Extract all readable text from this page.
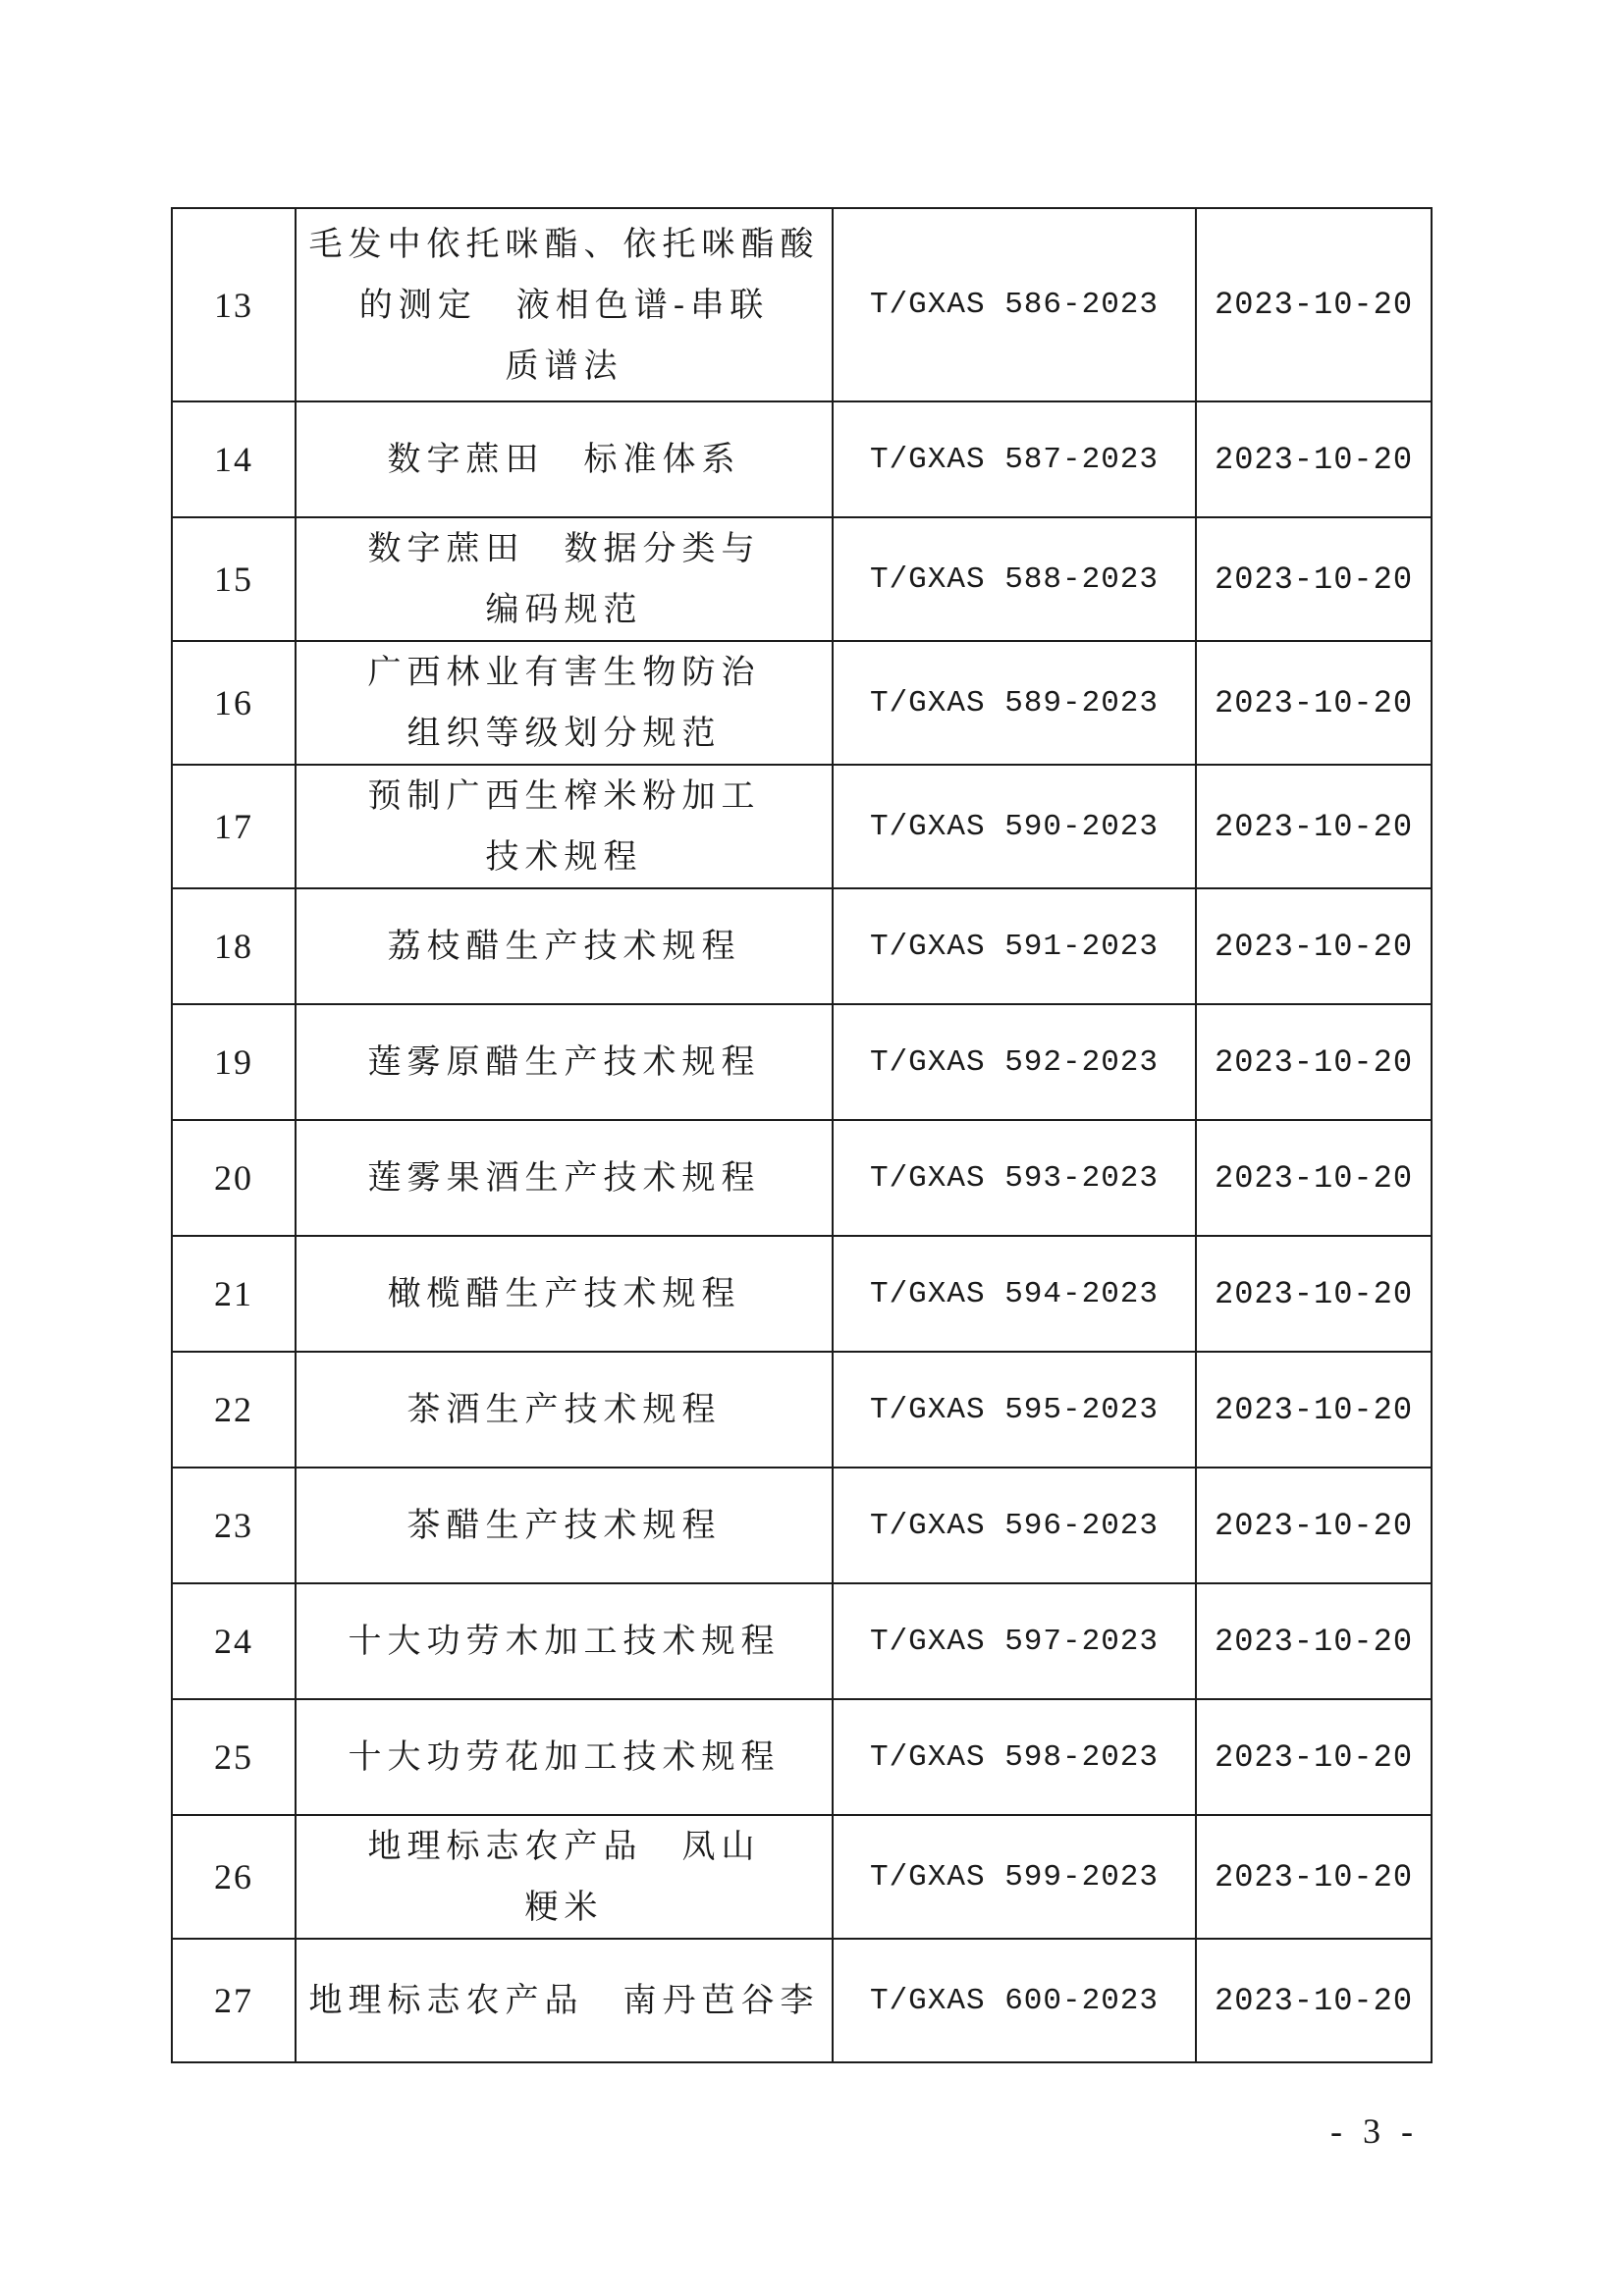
13	毛发中依托咪酯、依托咪酯酸
的测定　液相色谱-串联
质谱法	T/GXAS 586-2023	2023-10-20
14	数字蔗田　标准体系	T/GXAS 587-2023	2023-10-20
15	数字蔗田　数据分类与
编码规范	T/GXAS 588-2023	2023-10-20
16	广西林业有害生物防治
组织等级划分规范	T/GXAS 589-2023	2023-10-20
17	预制广西生榨米粉加工
技术规程	T/GXAS 590-2023	2023-10-20
18	荔枝醋生产技术规程	T/GXAS 591-2023	2023-10-20
19	莲雾原醋生产技术规程	T/GXAS 592-2023	2023-10-20
20	莲雾果酒生产技术规程	T/GXAS 593-2023	2023-10-20
21	橄榄醋生产技术规程	T/GXAS 594-2023	2023-10-20
22	茶酒生产技术规程	T/GXAS 595-2023	2023-10-20
23	茶醋生产技术规程	T/GXAS 596-2023	2023-10-20
24	十大功劳木加工技术规程	T/GXAS 597-2023	2023-10-20
25	十大功劳花加工技术规程	T/GXAS 598-2023	2023-10-20
26	地理标志农产品　凤山
粳米	T/GXAS 599-2023	2023-10-20
27	地理标志农产品　南丹芭谷李	T/GXAS 600-2023	2023-10-20
- 3 -
